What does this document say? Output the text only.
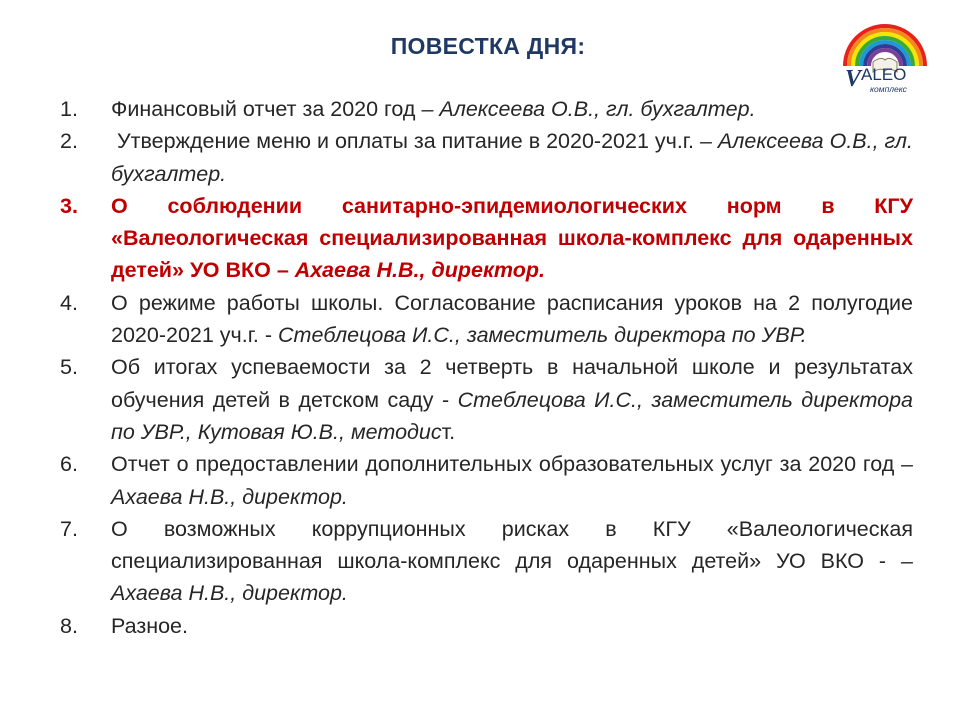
ПОВЕСТКА ДНЯ:
V ALEO
комплекс
1.	Финансовый отчет за 2020 год – Алексеева О.В., гл. бухгалтер.
2.	Утверждение меню и оплаты за питание в 2020-2021 уч.г. – Алексеева О.В., гл. бухгалтер.
3.	О соблюдении санитарно-эпидемиологических норм в КГУ «Валеологическая специализированная школа-комплекс для одаренных детей» УО ВКО – Ахаева Н.В., директор.
4.	О режиме работы школы. Согласование расписания уроков на 2 полугодие 2020-2021 уч.г. - Стеблецова И.С., заместитель директора по УВР.
5.	Об итогах успеваемости за 2 четверть в начальной школе и результатах обучения детей в детском саду - Стеблецова И.С., заместитель директора по УВР., Кутовая Ю.В., методист.
6.	Отчет о предоставлении дополнительных образовательных услуг за 2020 год – Ахаева Н.В., директор.
7.	О возможных коррупционных рисках в КГУ «Валеологическая специализированная школа-комплекс для одаренных детей» УО ВКО - – Ахаева Н.В., директор.
8.	Разное.
